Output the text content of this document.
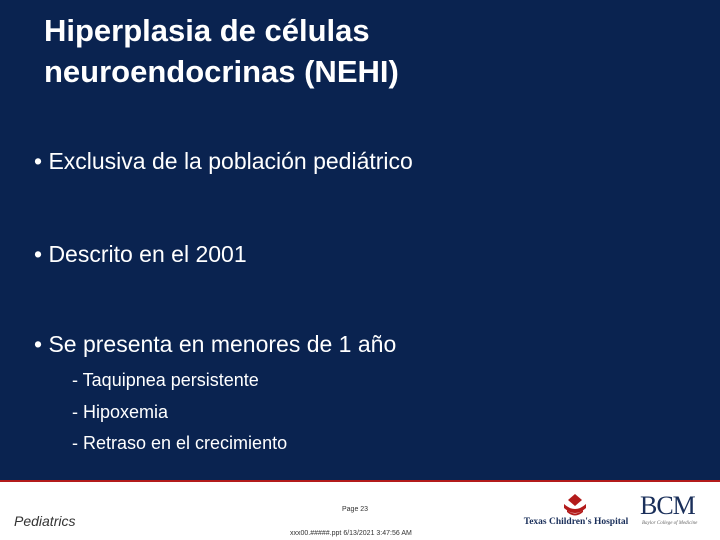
Hiperplasia de células
neuroendocrinas (NEHI)
• Exclusiva de la población pediátrico
• Descrito en el 2001
• Se presenta en menores de 1 año
- Taquipnea persistente
- Hipoxemia
- Retraso en el crecimiento
Pediatrics
Page 23
xxx00.#####.ppt 6/13/2021 3:47:56 AM
Texas Children's Hospital
BCM
Baylor College of Medicine
